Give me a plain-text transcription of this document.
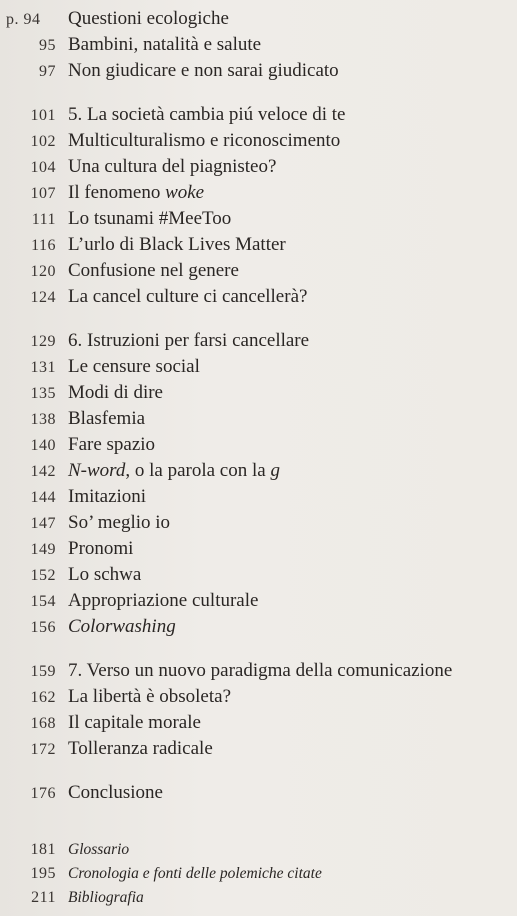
p. 94	Questioni ecologiche
95 Bambini, natalità e salute
97 Non giudicare e non sarai giudicato
101 5. La società cambia piú veloce di te
102 Multiculturalismo e riconoscimento
104 Una cultura del piagnisteo?
107 Il fenomeno woke
111 Lo tsunami #MeeToo
116 L’urlo di Black Lives Matter
120 Confusione nel genere
124 La cancel culture ci cancellerà?
129 6. Istruzioni per farsi cancellare
131 Le censure social
135 Modi di dire
138 Blasfemia
140 Fare spazio
142 N-word, o la parola con la g
144 Imitazioni
147 So’ meglio io
149 Pronomi
152 Lo schwa
154 Appropriazione culturale
156 Colorwashing
159 7. Verso un nuovo paradigma della comunicazione
162 La libertà è obsoleta?
168 Il capitale morale
172 Tolleranza radicale
176 Conclusione
181 Glossario
195 Cronologia e fonti delle polemiche citate
211 Bibliografia
